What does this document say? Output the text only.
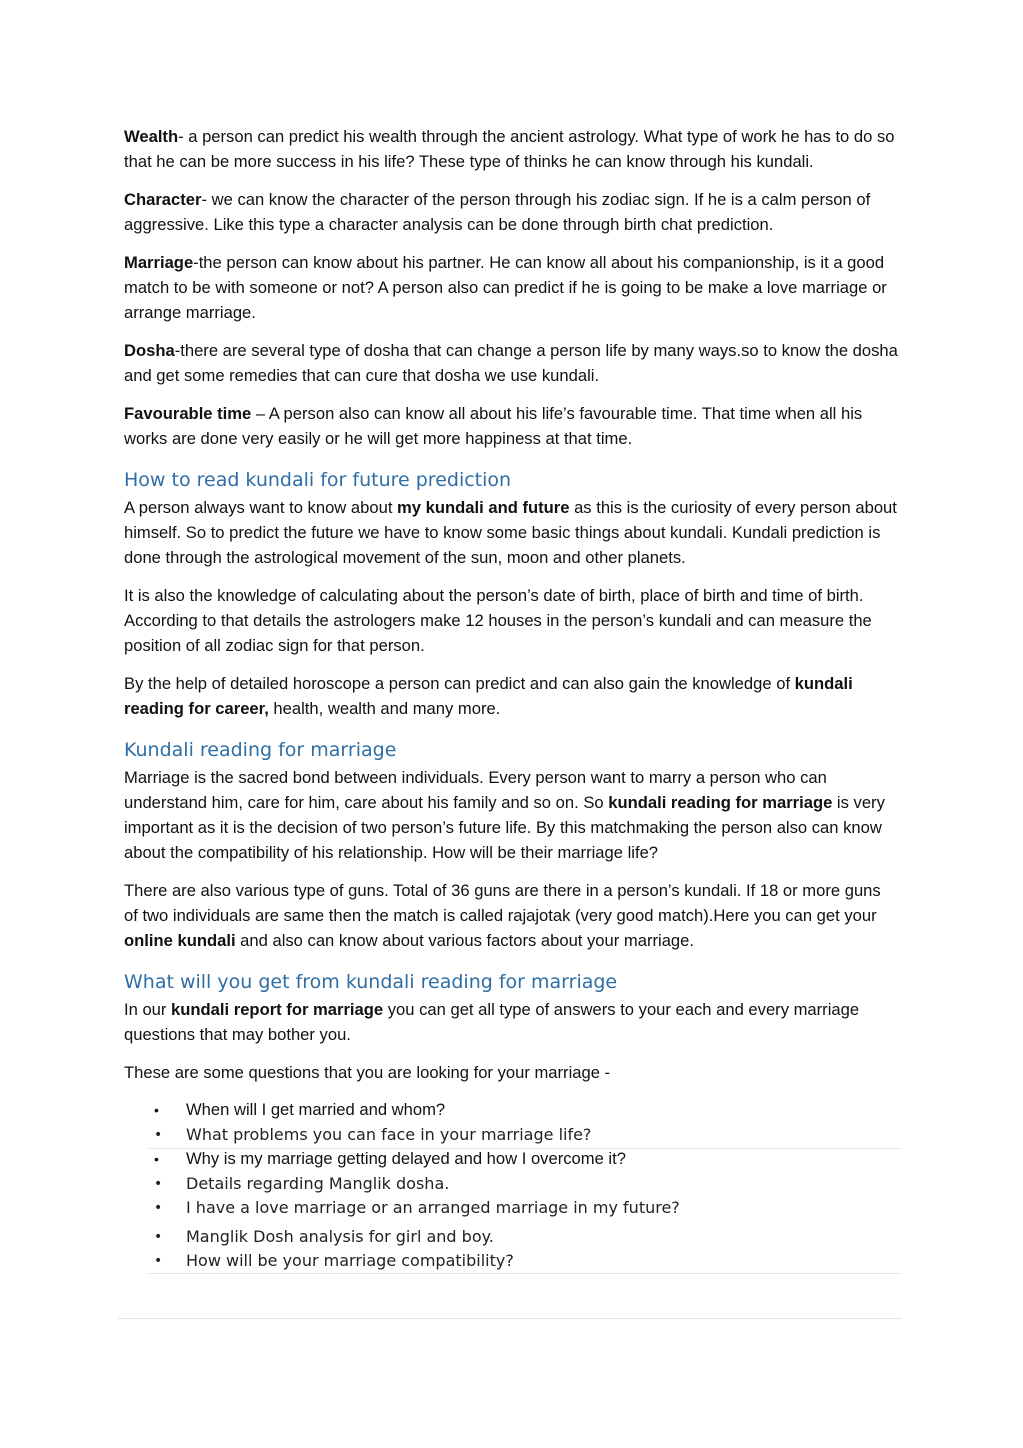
Wealth- a person can predict his wealth through the ancient astrology. What type of work he has to do so that he can be more success in his life? These type of thinks he can know through his kundali.

Character- we can know the character of the person through his zodiac sign. If he is a calm person of aggressive. Like this type a character analysis can be done through birth chat prediction.

Marriage-the person can know about his partner. He can know all about his companionship, is it a good match to be with someone or not? A person also can predict if he is going to be make a love marriage or arrange marriage.

Dosha-there are several type of dosha that can change a person life by many ways.so to know the dosha and get some remedies that can cure that dosha we use kundali.

Favourable time – A person also can know all about his life’s favourable time. That time when all his works are done very easily or he will get more happiness at that time.

How to read kundali for future prediction

A person always want to know about my kundali and future as this is the curiosity of every person about himself. So to predict the future we have to know some basic things about kundali. Kundali prediction is done through the astrological movement of the sun, moon and other planets.

It is also the knowledge of calculating about the person’s date of birth, place of birth and time of birth. According to that details the astrologers make 12 houses in the person’s kundali and can measure the position of all zodiac sign for that person.

By the help of detailed horoscope a person can predict and can also gain the knowledge of kundali reading for career, health, wealth and many more.

Kundali reading for marriage

Marriage is the sacred bond between individuals. Every person want to marry a person who can understand him, care for him, care about his family and so on. So kundali reading for marriage is very important as it is the decision of two person’s future life. By this matchmaking the person also can know about the compatibility of his relationship. How will be their marriage life?

There are also various type of guns. Total of 36 guns are there in a person’s kundali. If 18 or more guns of two individuals are same then the match is called rajajotak (very good match).Here you can get your online kundali and also can know about various factors about your marriage.

What will you get from kundali reading for marriage

In our kundali report for marriage you can get all type of answers to your each and every marriage questions that may bother you.

These are some questions that you are looking for your marriage -

• When will I get married and whom?
• What problems you can face in your marriage life?
• Why is my marriage getting delayed and how I overcome it?
• Details regarding Manglik dosha.
• I have a love marriage or an arranged marriage in my future?
• Manglik Dosh analysis for girl and boy.
• How will be your marriage compatibility?
